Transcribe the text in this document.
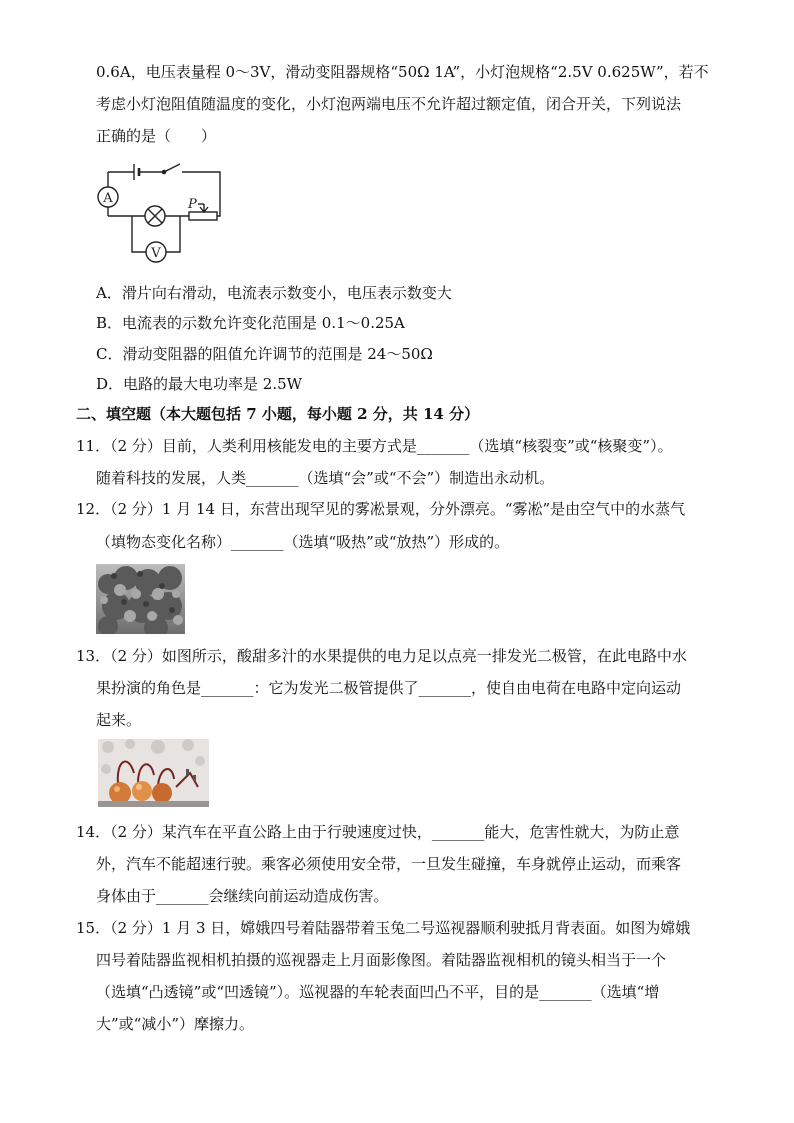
0.6A，电压表量程 0～3V，滑动变阻器规格“50Ω 1A”，小灯泡规格“2.5V 0.625W”，若不
考虑小灯泡阻值随温度的变化，小灯泡两端电压不允许超过额定值，闭合开关，下列说法
正确的是（　　）
A
V
P
A．滑片向右滑动，电流表示数变小，电压表示数变大
B．电流表的示数允许变化范围是 0.1～0.25A
C．滑动变阻器的阻值允许调节的范围是 24～50Ω
D．电路的最大电功率是 2.5W
二、填空题（本大题包括 7 小题，每小题 2 分，共 14 分）
11．（2 分）目前，人类利用核能发电的主要方式是_______（选填“核裂变”或“核聚变”）。
随着科技的发展，人类_______（选填“会”或“不会”）制造出永动机。
12．（2 分）1 月 14 日，东营出现罕见的雾凇景观，分外漂亮。“雾凇”是由空气中的水蒸气
（填物态变化名称）_______（选填“吸热”或“放热”）形成的。
13．（2 分）如图所示，酸甜多汁的水果提供的电力足以点亮一排发光二极管，在此电路中水
果扮演的角色是_______：它为发光二极管提供了_______，使自由电荷在电路中定向运动
起来。
14．（2 分）某汽车在平直公路上由于行驶速度过快，_______能大，危害性就大，为防止意
外，汽车不能超速行驶。乘客必须使用安全带，一旦发生碰撞，车身就停止运动，而乘客
身体由于_______会继续向前运动造成伤害。
15．（2 分）1 月 3 日，嫦娥四号着陆器带着玉兔二号巡视器顺利驶抵月背表面。如图为嫦娥
四号着陆器监视相机拍摄的巡视器走上月面影像图。着陆器监视相机的镜头相当于一个
（选填“凸透镜”或“凹透镜”）。巡视器的车轮表面凹凸不平，目的是_______（选填“增
大”或“减小”）摩擦力。
